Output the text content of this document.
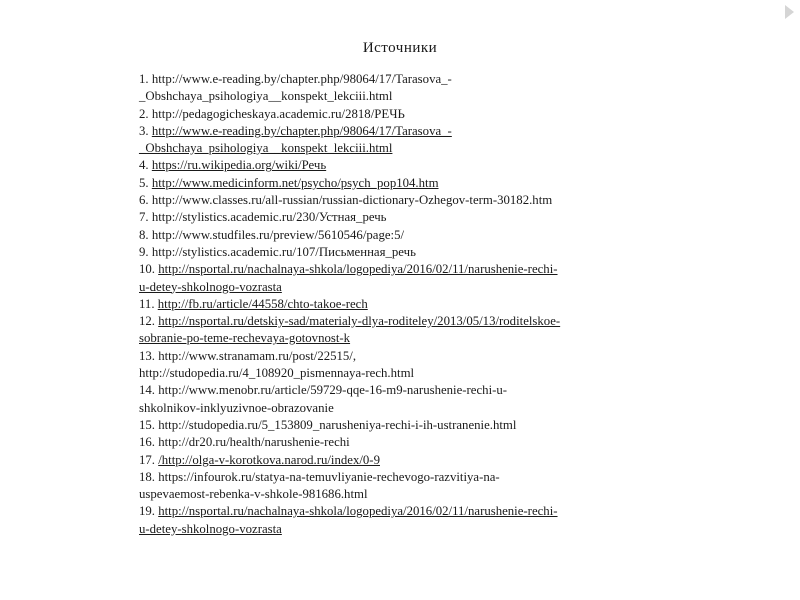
Источники
1. http://www.e-reading.by/chapter.php/98064/17/Tarasova_-
_Obshchaya_psihologiya__konspekt_lekciii.html
2. http://pedagogicheskaya.academic.ru/2818/РЕЧЬ
3. http://www.e-reading.by/chapter.php/98064/17/Tarasova_-
_Obshchaya_psihologiya__konspekt_lekciii.html
4. https://ru.wikipedia.org/wiki/Речь
5. http://www.medicinform.net/psycho/psych_pop104.htm
6. http://www.classes.ru/all-russian/russian-dictionary-Ozhegov-term-30182.htm
7. http://stylistics.academic.ru/230/Устная_речь
8. http://www.studfiles.ru/preview/5610546/page:5/
9. http://stylistics.academic.ru/107/Письменная_речь
10. http://nsportal.ru/nachalnaya-shkola/logopediya/2016/02/11/narushenie-rechi-
u-detey-shkolnogo-vozrasta
11. http://fb.ru/article/44558/chto-takoe-rech
12. http://nsportal.ru/detskiy-sad/materialy-dlya-roditeley/2013/05/13/roditelskoe-
sobranie-po-teme-rechevaya-gotovnost-k
13. http://www.stranamam.ru/post/22515/,
http://studopedia.ru/4_108920_pismennaya-rech.html
14. http://www.menobr.ru/article/59729-qqe-16-m9-narushenie-rechi-u-
shkolnikov-inklyuzivnoe-obrazovanie
15. http://studopedia.ru/5_153809_narusheniya-rechi-i-ih-ustranenie.html
16. http://dr20.ru/health/narushenie-rechi
17. /http://olga-v-korotkova.narod.ru/index/0-9
18. https://infourok.ru/statya-na-temuvliyanie-rechevogo-razvitiya-na-
uspevaemost-rebenka-v-shkole-981686.html
19. http://nsportal.ru/nachalnaya-shkola/logopediya/2016/02/11/narushenie-rechi-
u-detey-shkolnogo-vozrasta
